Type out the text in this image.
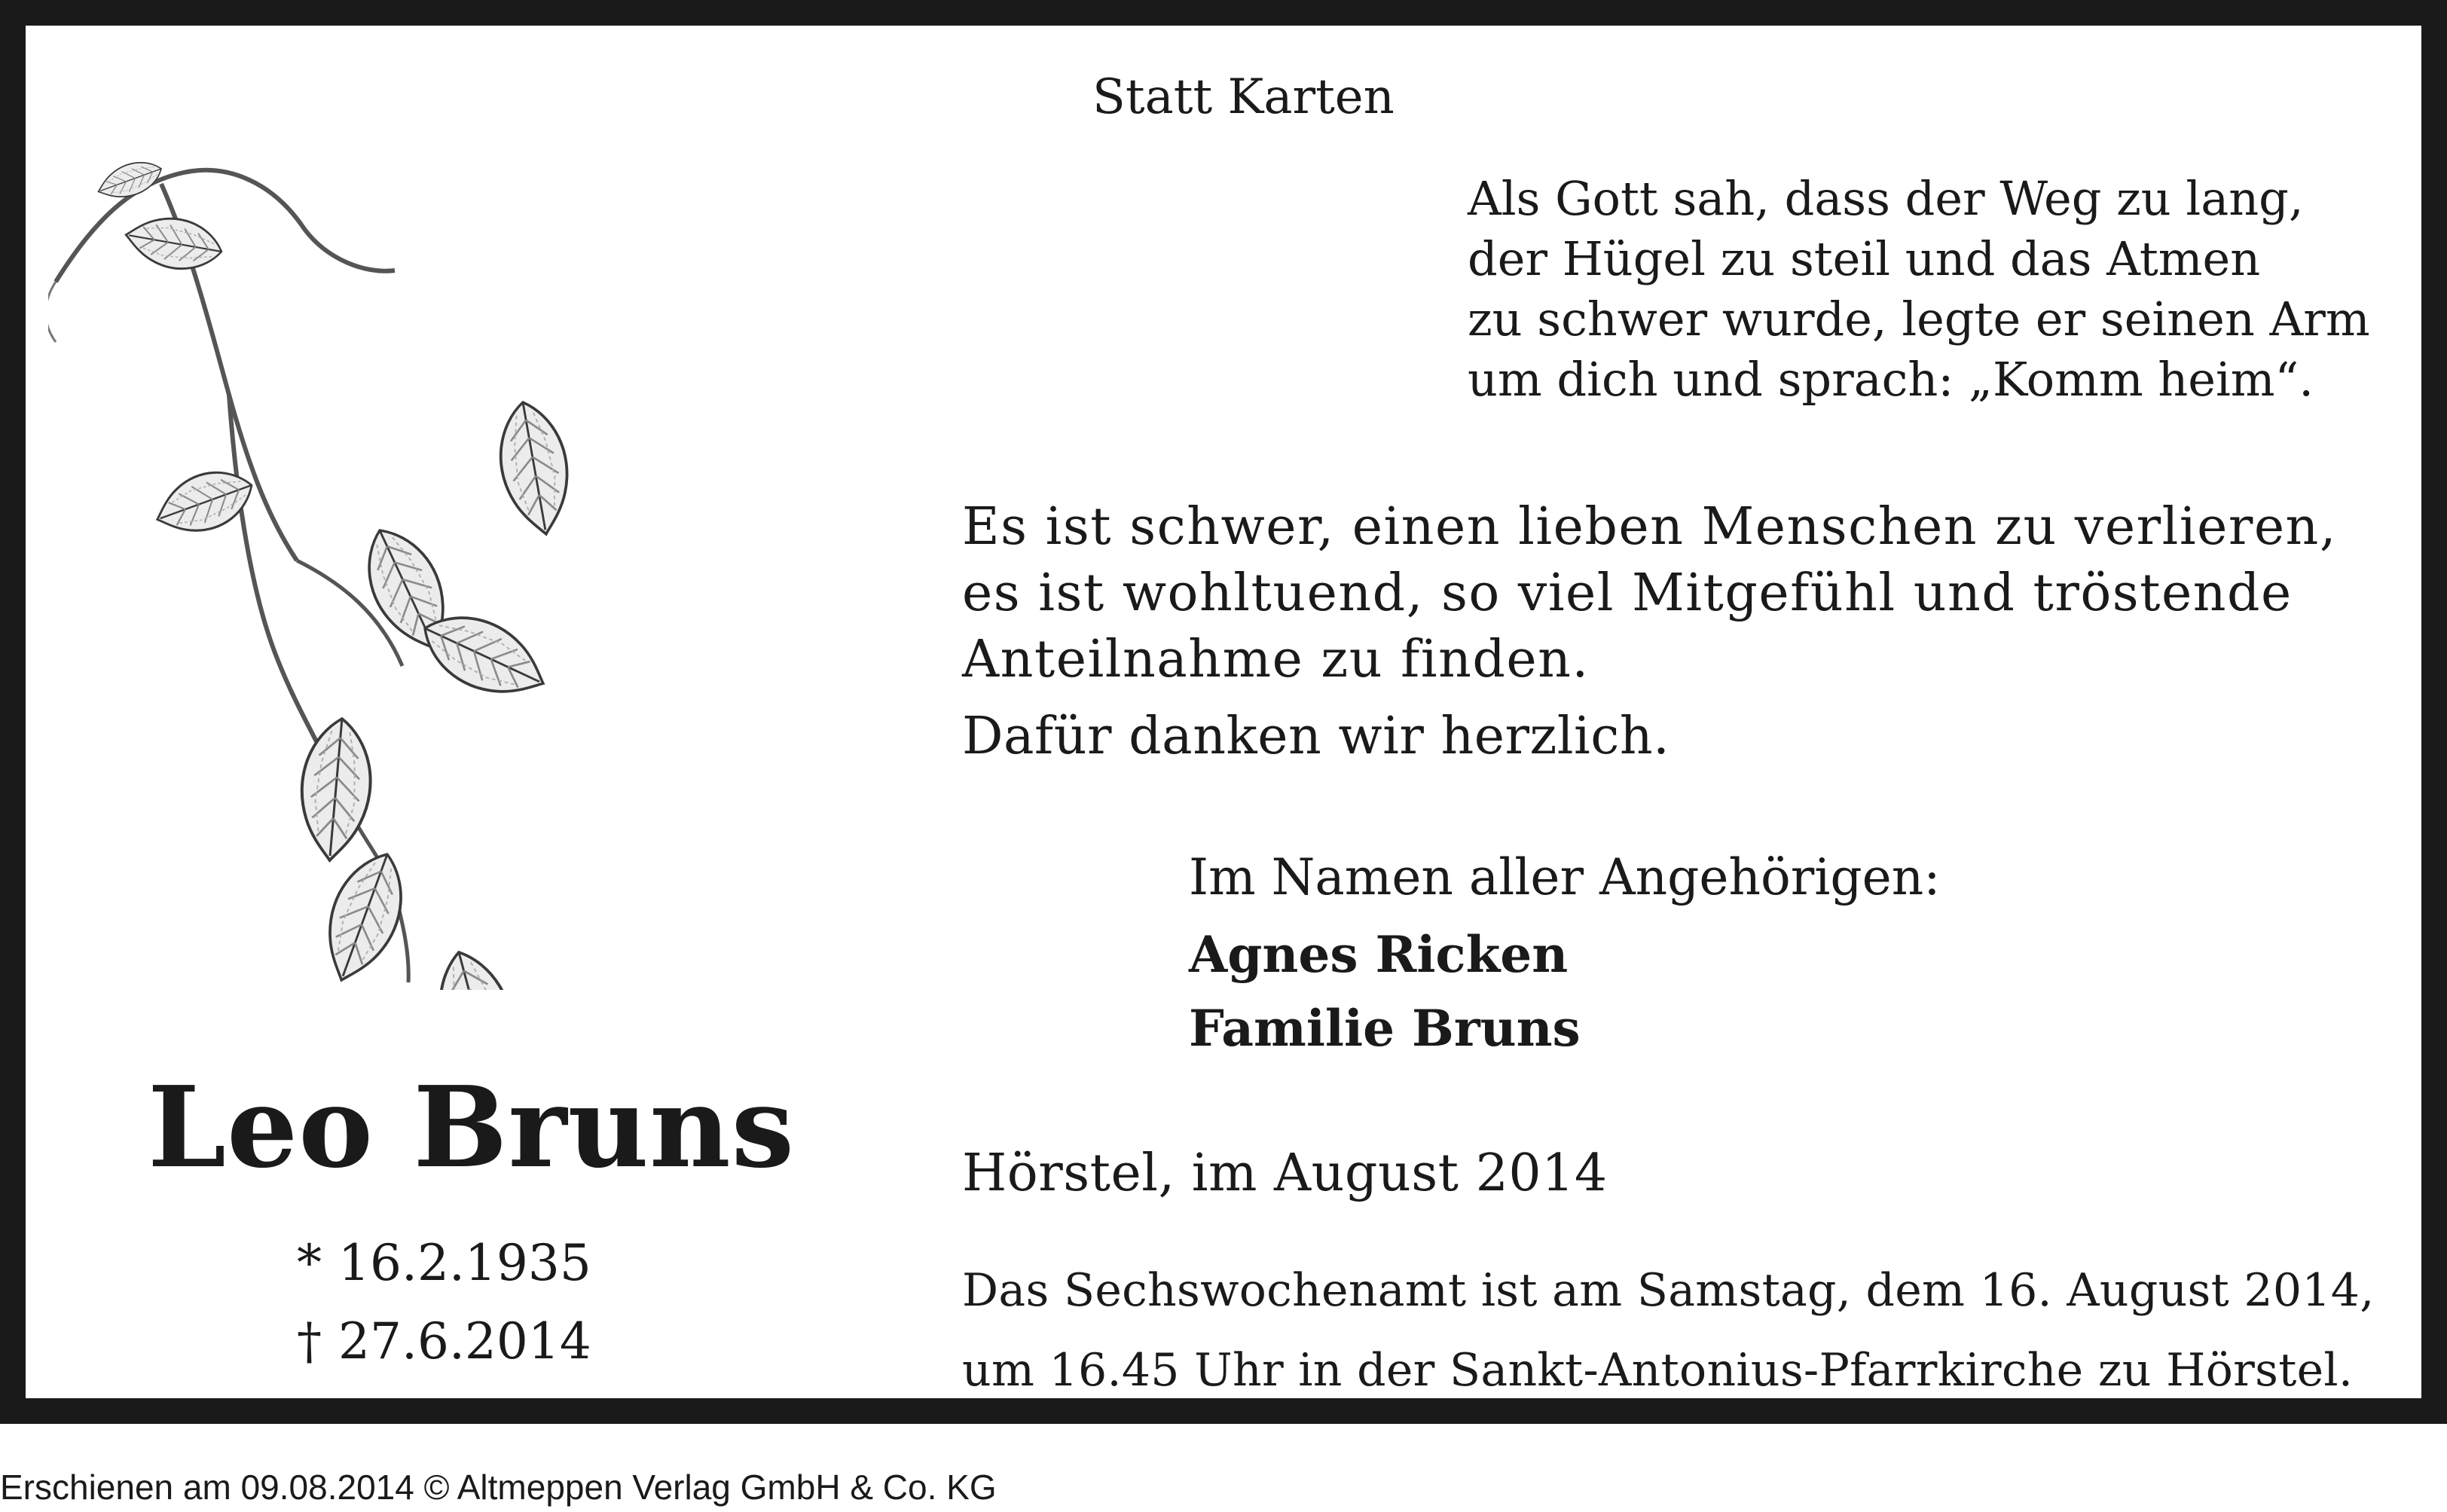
Statt Karten
Als Gott sah, dass der Weg zu lang,
der Hügel zu steil und das Atmen
zu schwer wurde, legte er seinen Arm
um dich und sprach: „Komm heim“.
Es ist schwer, einen lieben Menschen zu verlieren,
es ist wohltuend, so viel Mitgefühl und tröstende
Anteilnahme zu finden.
Dafür danken wir herzlich.
Im Namen aller Angehörigen:
Agnes Ricken
Familie Bruns
Hörstel, im August 2014
Das Sechswochenamt ist am Samstag, dem 16. August 2014,
um 16.45 Uhr in der Sankt-Antonius-Pfarrkirche zu Hörstel.
Leo Bruns
* 16.2.1935
† 27.6.2014
Erschienen am 09.08.2014 © Altmeppen Verlag GmbH & Co. KG
